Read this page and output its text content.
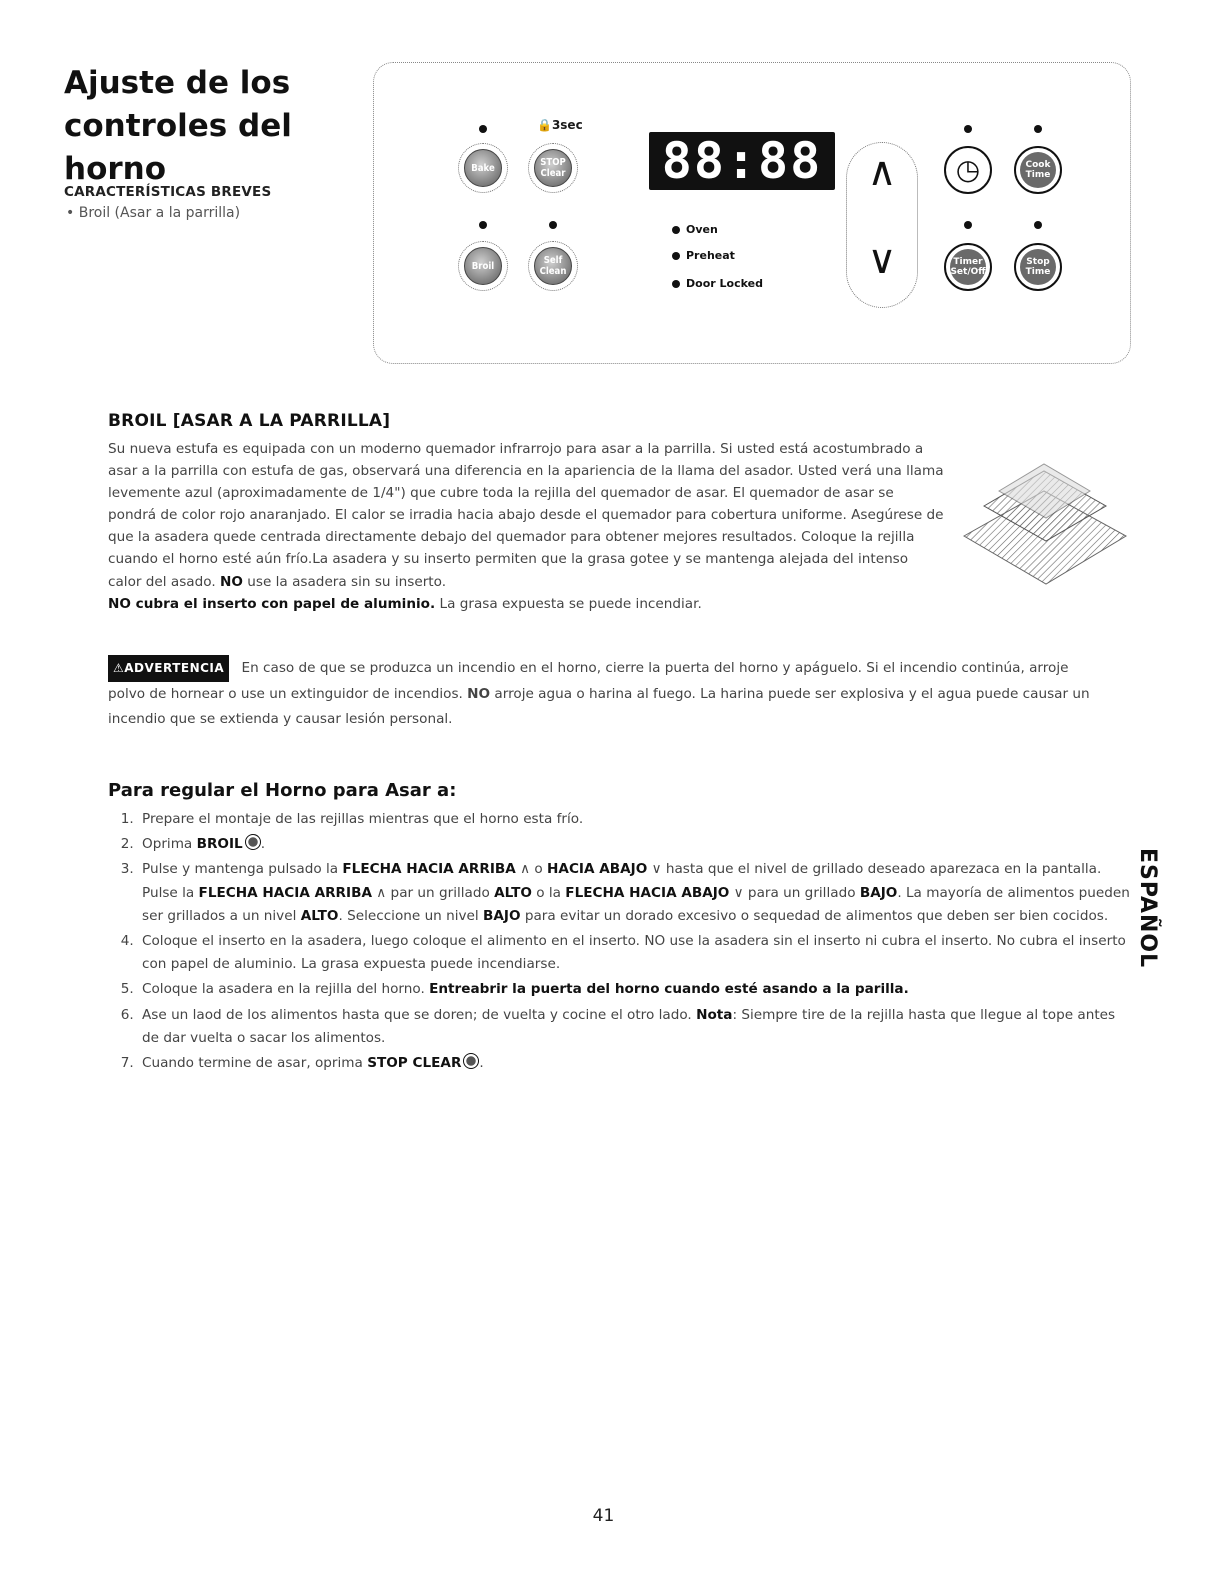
Ajuste de los controles del horno
CARACTERÍSTICAS BREVES
• Broil (Asar a la parrilla)
Bake
🔒3sec
STOP Clear
Broil	Self Clean
88:88
Oven
Preheat
Door Locked
∧
∨
◷	Cook Time
Timer Set/Off
Stop Time
BROIL [ASAR A LA PARRILLA]
Su nueva estufa es equipada con un moderno quemador infrarrojo para asar a la parrilla. Si usted está acostumbrado a asar a la parrilla con estufa de gas, observará una diferencia en la apariencia de la llama del asador. Usted verá una llama levemente azul (aproximadamente de 1/4") que cubre toda la rejilla del quemador de asar. El quemador de asar se pondrá de color rojo anaranjado. El calor se irradia hacia abajo desde el quemador para cobertura uniforme. Asegúrese de que la asadera quede centrada directamente debajo del quemador para obtener mejores resultados. Coloque la rejilla cuando el horno esté aún frío.La asadera y su inserto permiten que la grasa gotee y se mantenga alejada del intenso calor del asado. NO use la asadera sin su inserto.
NO cubra el inserto con papel de aluminio. La grasa expuesta se puede incendiar.
⚠ADVERTENCIA En caso de que se produzca un incendio en el horno, cierre la puerta del horno y apáguelo. Si el incendio continúa, arroje polvo de hornear o use un extinguidor de incendios. NO arroje agua o harina al fuego. La harina puede ser explosiva y el agua puede causar un incendio que se extienda y causar lesión personal.
Para regular el Horno para Asar a:
1. Prepare el montaje de las rejillas mientras que el horno esta frío.
2. Oprima BROIL .
3. Pulse y mantenga pulsado la FLECHA HACIA ARRIBA ∧ o HACIA ABAJO ∨ hasta que el nivel de grillado deseado aparezaca en la pantalla. Pulse la FLECHA HACIA ARRIBA ∧ par un grillado ALTO o la FLECHA HACIA ABAJO ∨ para un grillado BAJO. La mayoría de alimentos pueden ser grillados a un nivel ALTO. Seleccione un nivel BAJO para evitar un dorado excesivo o sequedad de alimentos que deben ser bien cocidos.
4. Coloque el inserto en la asadera, luego coloque el alimento en el inserto. NO use la asadera sin el inserto ni cubra el inserto. No cubra el inserto con papel de aluminio. La grasa expuesta puede incendiarse.
5. Coloque la asadera en la rejilla del horno. Entreabrir la puerta del horno cuando esté asando a la parilla.
6. Ase un laod de los alimentos hasta que se doren; de vuelta y cocine el otro lado. Nota: Siempre tire de la rejilla hasta que llegue al tope antes de dar vuelta o sacar los alimentos.
7. Cuando termine de asar, oprima STOP CLEAR .
ESPAÑOL
41
